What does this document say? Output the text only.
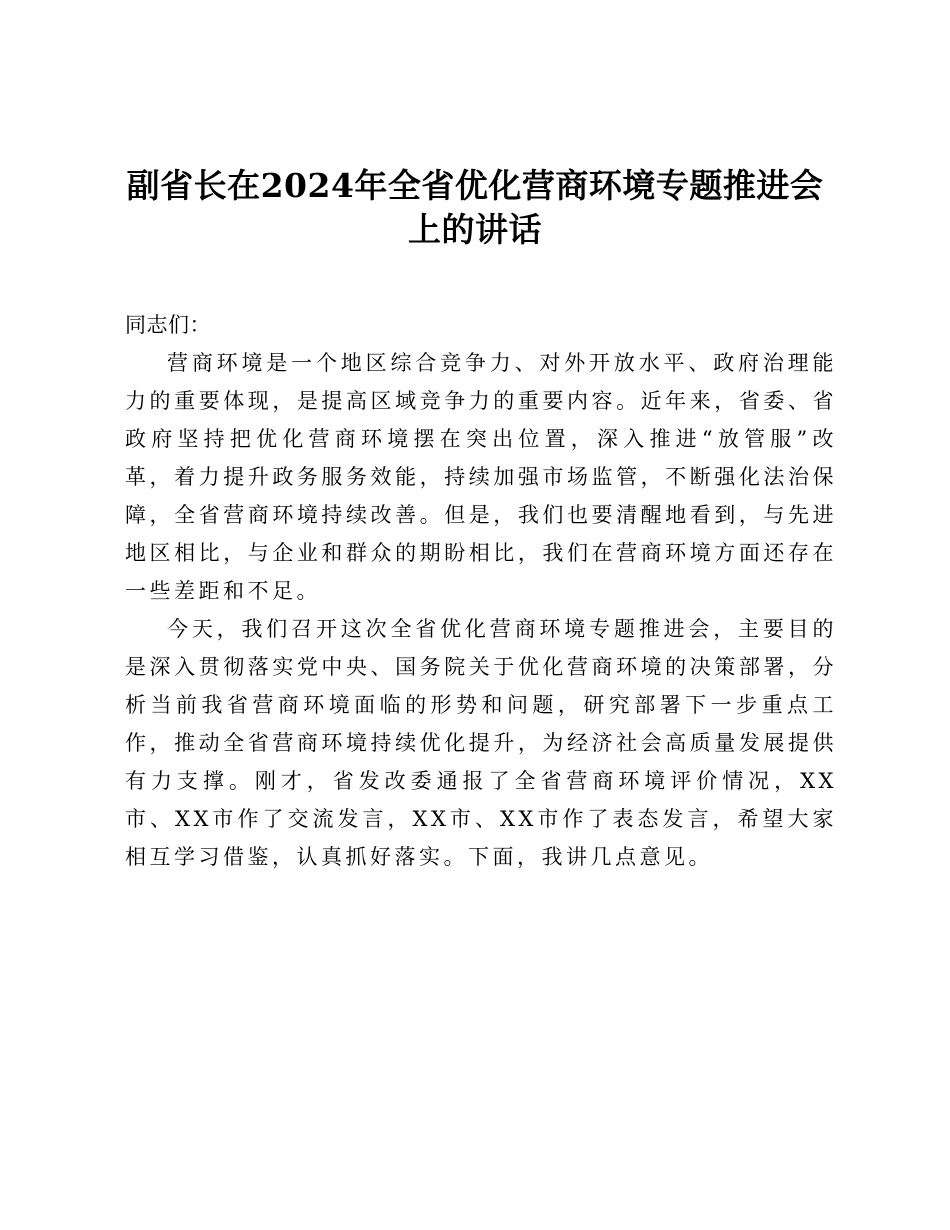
副省长在2024年全省优化营商环境专题推进会上的讲话

同志们：

营商环境是一个地区综合竞争力、对外开放水平、政府治理能力的重要体现，是提高区域竞争力的重要内容。近年来，省委、省政府坚持把优化营商环境摆在突出位置，深入推进“放管服”改革，着力提升政务服务效能，持续加强市场监管，不断强化法治保障，全省营商环境持续改善。但是，我们也要清醒地看到，与先进地区相比，与企业和群众的期盼相比，我们在营商环境方面还存在一些差距和不足。

今天，我们召开这次全省优化营商环境专题推进会，主要目的是深入贯彻落实党中央、国务院关于优化营商环境的决策部署，分析当前我省营商环境面临的形势和问题，研究部署下一步重点工作，推动全省营商环境持续优化提升，为经济社会高质量发展提供有力支撑。刚才，省发改委通报了全省营商环境评价情况，XX市、XX市作了交流发言，XX市、XX市作了表态发言，希望大家相互学习借鉴，认真抓好落实。下面，我讲几点意见。
